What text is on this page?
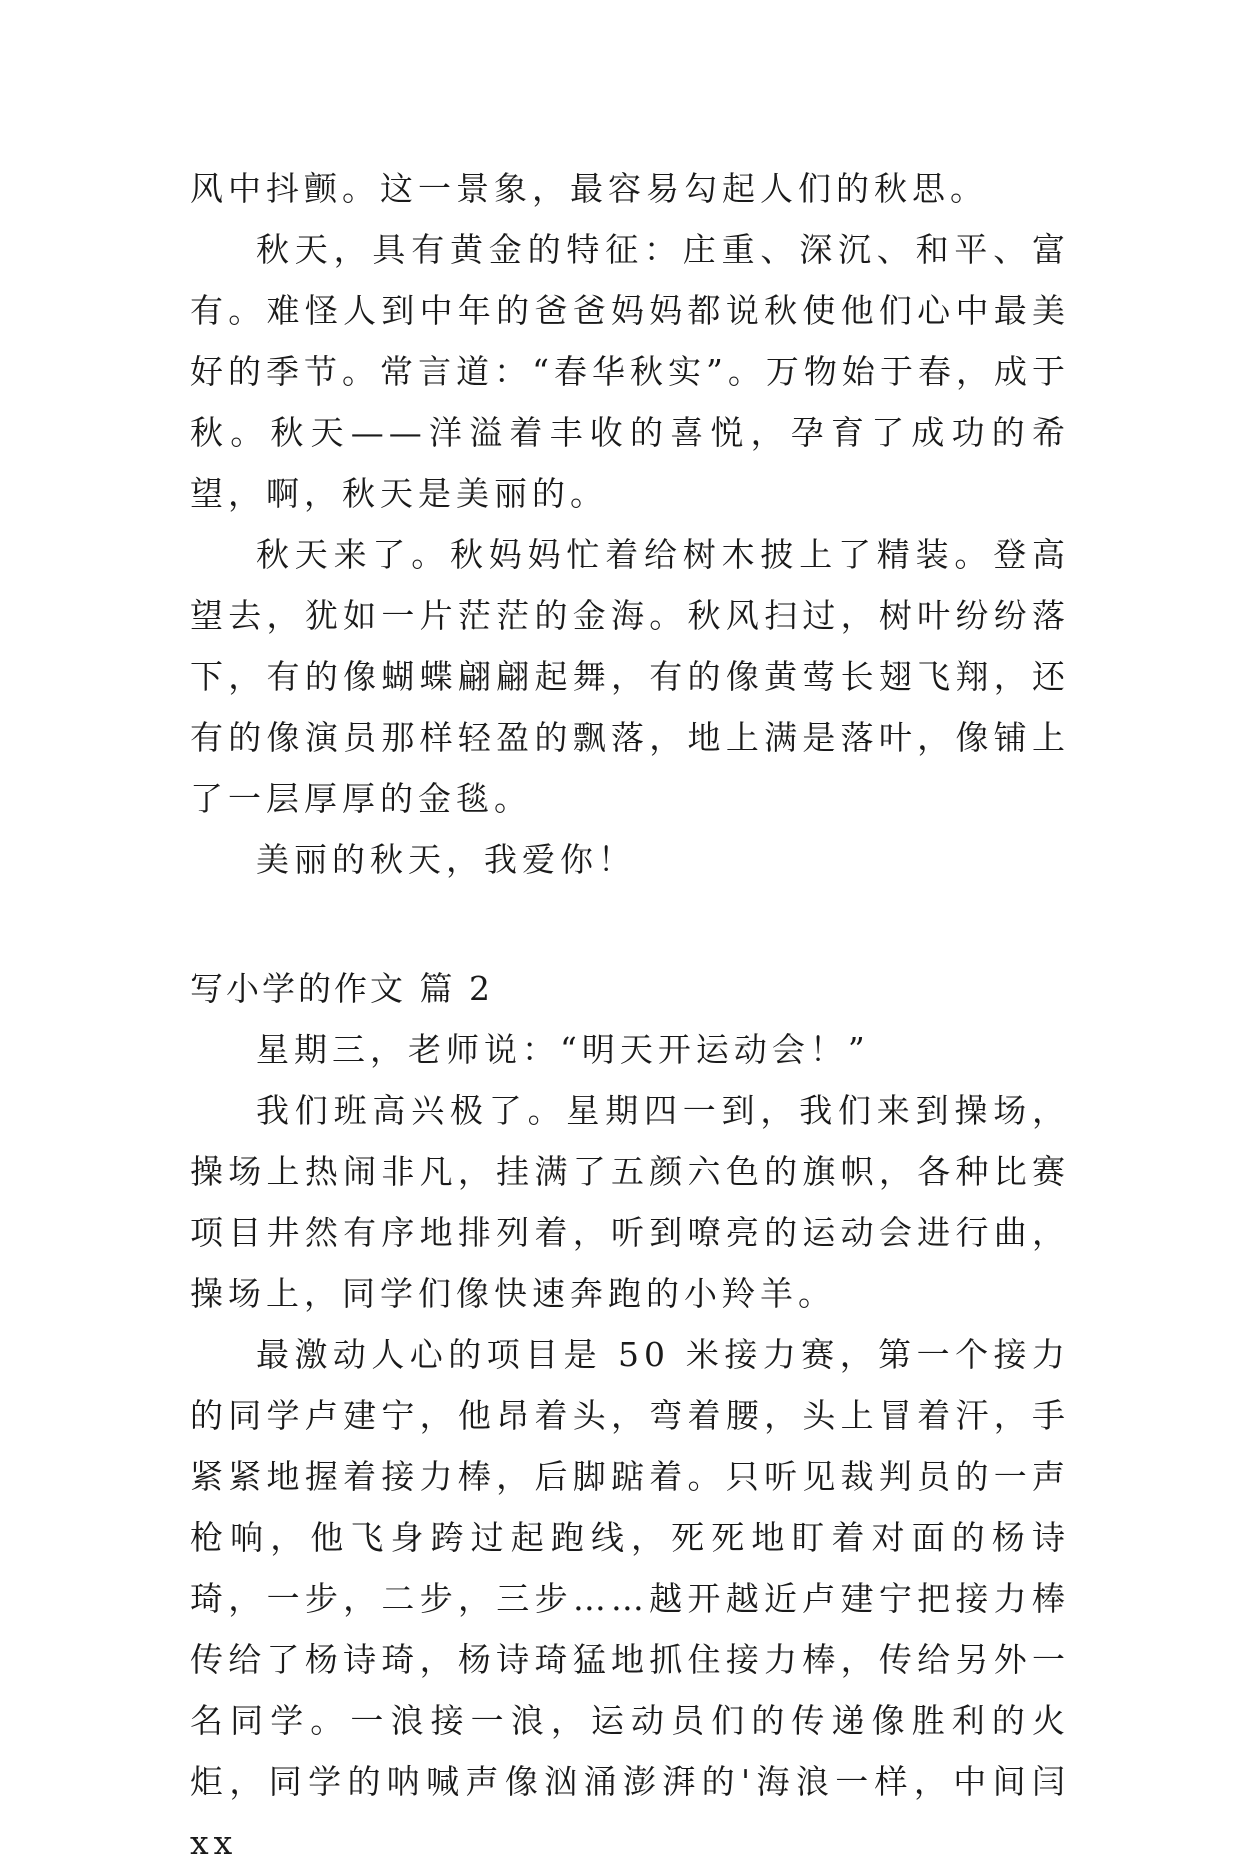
风中抖颤。这一景象，最容易勾起人们的秋思。

秋天，具有黄金的特征：庄重、深沉、和平、富有。难怪人到中年的爸爸妈妈都说秋使他们心中最美好的季节。常言道：“春华秋实”。万物始于春，成于秋。秋天——洋溢着丰收的喜悦，孕育了成功的希望，啊，秋天是美丽的。

秋天来了。秋妈妈忙着给树木披上了精装。登高望去，犹如一片茫茫的金海。秋风扫过，树叶纷纷落下，有的像蝴蝶翩翩起舞，有的像黄莺长翅飞翔，还有的像演员那样轻盈的飘落，地上满是落叶，像铺上了一层厚厚的金毯。

美丽的秋天，我爱你！

写小学的作文 篇 2

星期三，老师说：“明天开运动会！”

我们班高兴极了。星期四一到，我们来到操场，操场上热闹非凡，挂满了五颜六色的旗帜，各种比赛项目井然有序地排列着，听到嘹亮的运动会进行曲，操场上，同学们像快速奔跑的小羚羊。

最激动人心的项目是 50 米接力赛，第一个接力的同学卢建宁，他昂着头，弯着腰，头上冒着汗，手紧紧地握着接力棒，后脚踮着。只听见裁判员的一声枪响，他飞身跨过起跑线，死死地盯着对面的杨诗琦，一步，二步，三步……越开越近卢建宁把接力棒传给了杨诗琦，杨诗琦猛地抓住接力棒，传给另外一名同学。一浪接一浪，运动员们的传递像胜利的火炬，同学的呐喊声像汹涌澎湃的'海浪一样，中间闫 xx
